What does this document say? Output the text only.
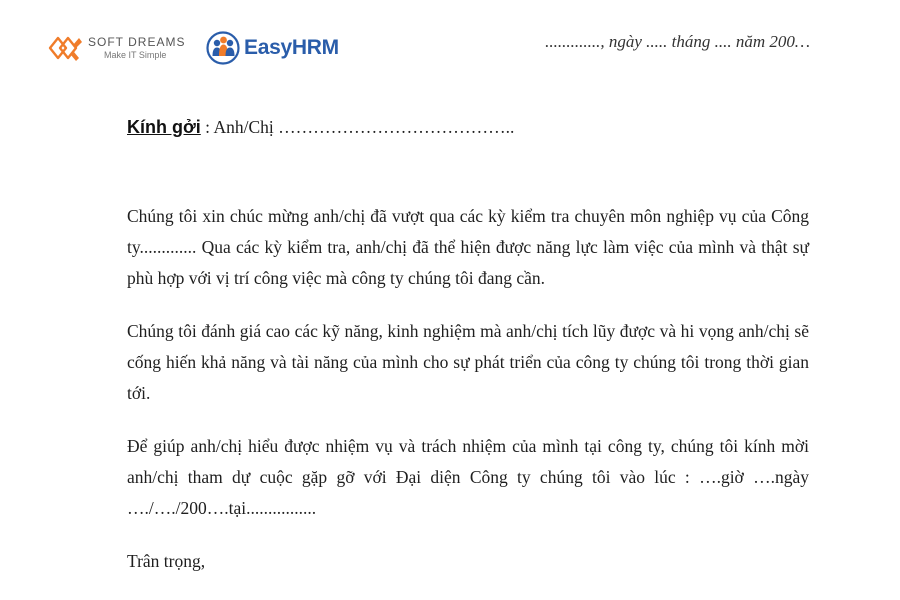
SOFT DREAMS
Make IT Simple	EasyHRM	............., ngày ..... tháng .... năm 200…

Kính gởi : Anh/Chị …………………………………..

Chúng tôi xin chúc mừng anh/chị đã vượt qua các kỳ kiểm tra chuyên môn nghiệp vụ của Công ty............. Qua các kỳ kiểm tra, anh/chị đã thể hiện được năng lực làm việc của mình và thật sự phù hợp với vị trí công việc mà công ty chúng tôi đang cần.

Chúng tôi đánh giá cao các kỹ năng, kinh nghiệm mà anh/chị tích lũy được và hi vọng anh/chị sẽ cống hiến khả năng và tài năng của mình cho sự phát triển của công ty chúng tôi trong thời gian tới.

Để giúp anh/chị hiểu được nhiệm vụ và trách nhiệm của mình tại công ty, chúng tôi kính mời anh/chị tham dự cuộc gặp gỡ với Đại diện Công ty chúng tôi vào lúc : ….giờ ….ngày …./…./200….tại................

Trân trọng,
